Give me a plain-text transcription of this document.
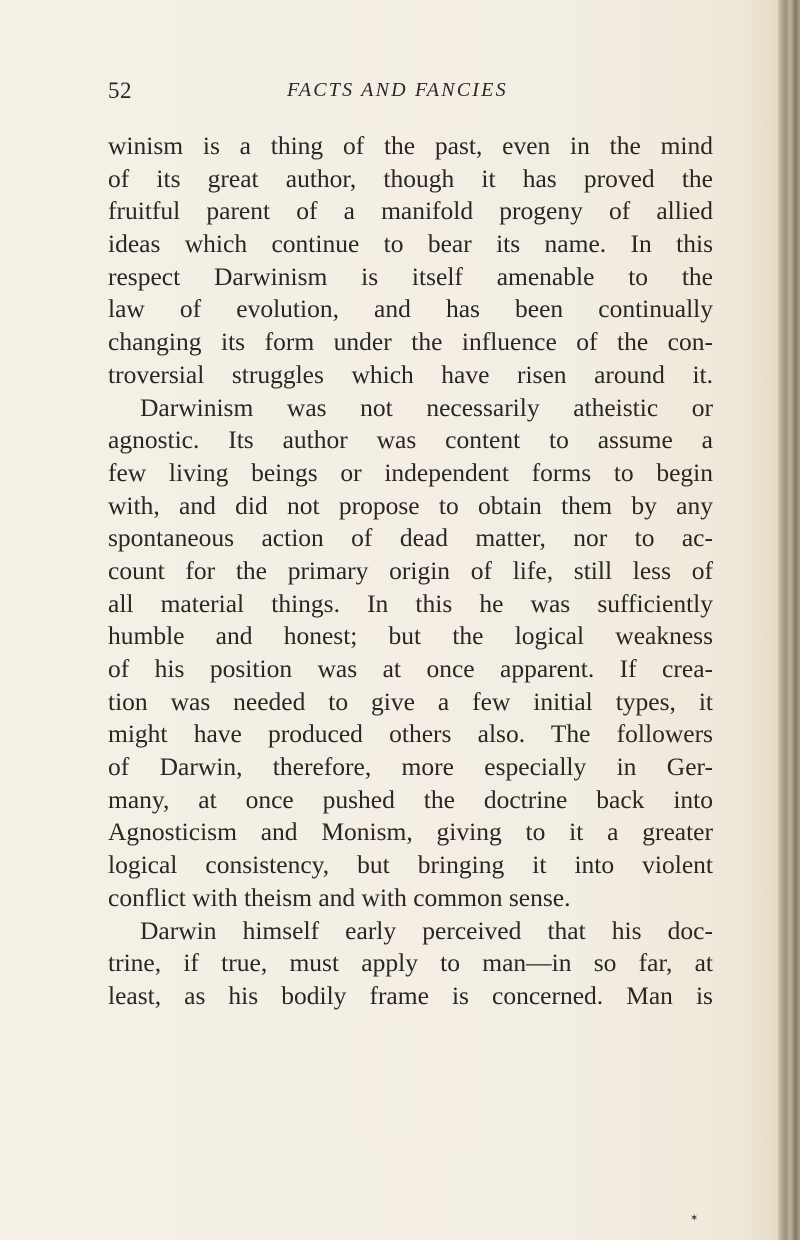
52	FACTS AND FANCIES
winism is a thing of the past, even in the mind
of its great author, though it has proved the
fruitful parent of a manifold progeny of allied
ideas which continue to bear its name. In this
respect Darwinism is itself amenable to the
law of evolution, and has been continually
changing its form under the influence of the con-
troversial struggles which have risen around it.
Darwinism was not necessarily atheistic or
agnostic. Its author was content to assume a
few living beings or independent forms to begin
with, and did not propose to obtain them by any
spontaneous action of dead matter, nor to ac-
count for the primary origin of life, still less of
all material things. In this he was sufficiently
humble and honest; but the logical weakness
of his position was at once apparent. If crea-
tion was needed to give a few initial types, it
might have produced others also. The followers
of Darwin, therefore, more especially in Ger-
many, at once pushed the doctrine back into
Agnosticism and Monism, giving to it a greater
logical consistency, but bringing it into violent
conflict with theism and with common sense.
Darwin himself early perceived that his doc-
trine, if true, must apply to man—in so far, at
least, as his bodily frame is concerned. Man is
✶
